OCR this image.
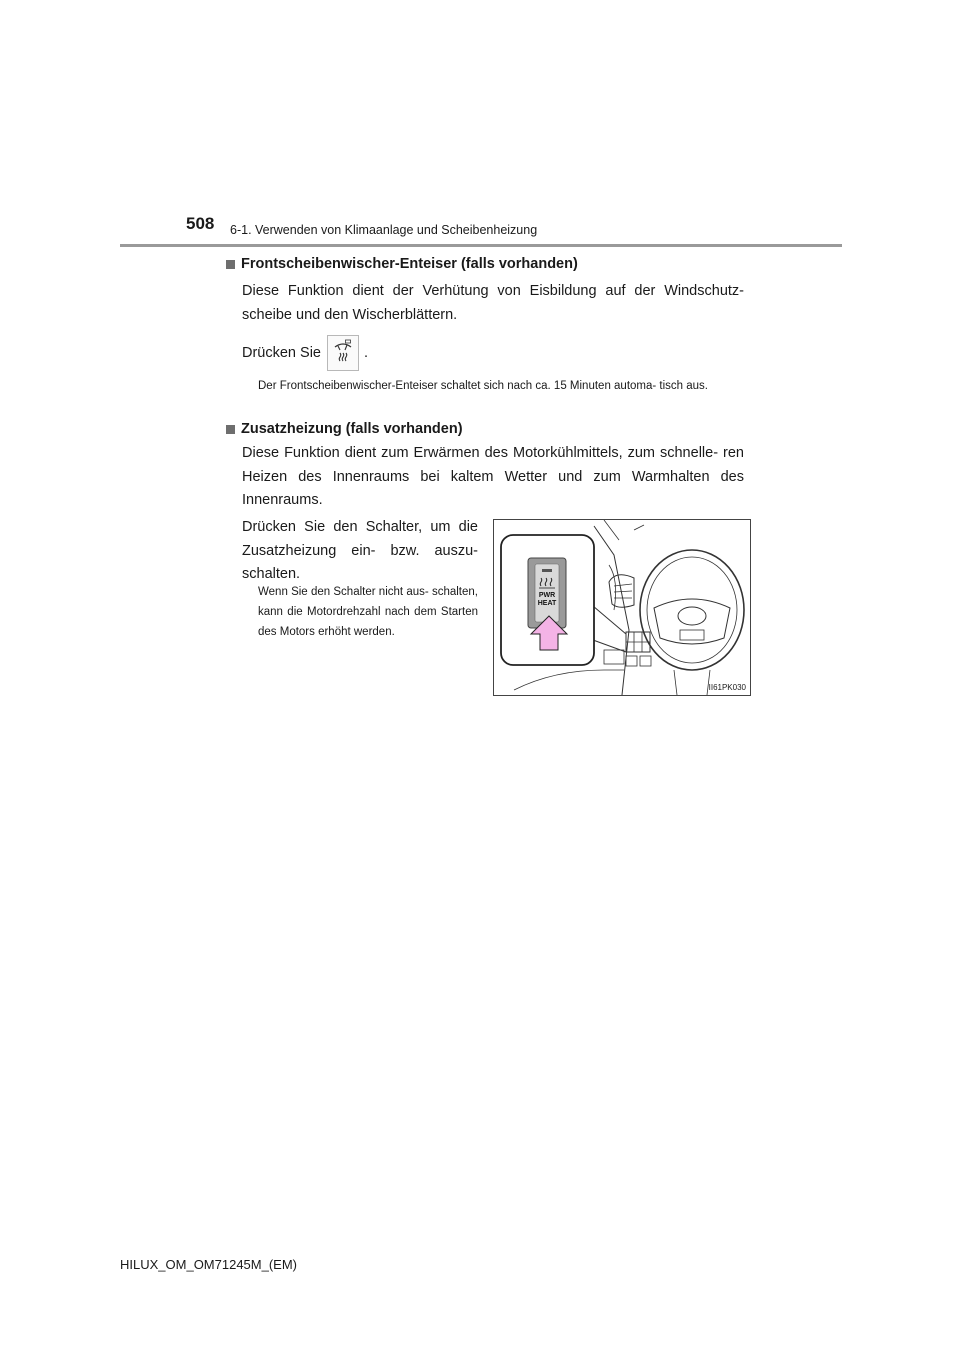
508 6-1. Verwenden von Klimaanlage und Scheibenheizung
Frontscheibenwischer-Enteiser (falls vorhanden)
Diese Funktion dient der Verhütung von Eisbildung auf der Windschutz- scheibe und den Wischerblättern.
Drücken Sie	.
Der Frontscheibenwischer-Enteiser schaltet sich nach ca. 15 Minuten automa- tisch aus.
Zusatzheizung (falls vorhanden)
Diese Funktion dient zum Erwärmen des Motorkühlmittels, zum schnelle- ren Heizen des Innenraums bei kaltem Wetter und zum Warmhalten des Innenraums.
Drücken Sie den Schalter, um die Zusatzheizung ein- bzw. auszu- schalten.
Wenn Sie den Schalter nicht aus- schalten, kann die Motordrehzahl nach dem Starten des Motors erhöht werden.
PWR
HEAT
II61PK030
HILUX_OM_OM71245M_(EM)
